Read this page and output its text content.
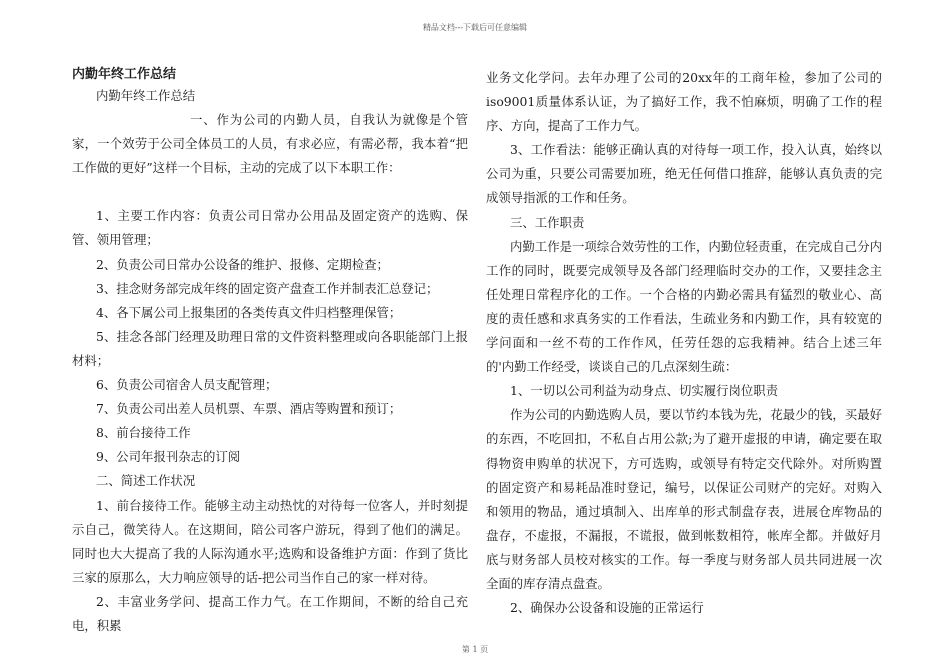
精品文档---下载后可任意编辑

内勤年终工作总结

内勤年终工作总结

一、作为公司的内勤人员，自我认为就像是个管家，一个效劳于公司全体员工的人员，有求必应，有需必帮，我本着“把工作做的更好”这样一个目标，主动的完成了以下本职工作：

1、主要工作内容：负责公司日常办公用品及固定资产的选购、保管、领用管理；

2、负责公司日常办公设备的维护、报修、定期检查；

3、挂念财务部完成年终的固定资产盘查工作并制表汇总登记；

4、各下属公司上报集团的各类传真文件归档整理保管；

5、挂念各部门经理及助理日常的文件资料整理或向各职能部门上报材料；

6、负责公司宿舍人员支配管理；

7、负责公司出差人员机票、车票、酒店等购置和预订；

8、前台接待工作

9、公司年报刊杂志的订阅

二、简述工作状况

1、前台接待工作。能够主动主动热忱的对待每一位客人，并时刻提示自己，微笑待人。在这期间，陪公司客户游玩，得到了他们的满足。同时也大大提高了我的人际沟通水平;选购和设备维护方面：作到了货比三家的原那么，大力响应领导的话-把公司当作自己的家一样对待。

2、丰富业务学问、提高工作力气。在工作期间，不断的给自己充电，积累

业务文化学问。去年办理了公司的20xx年的工商年检，参加了公司的iso9001质量体系认证，为了搞好工作，我不怕麻烦，明确了工作的程序、方向，提高了工作力气。

3、工作看法：能够正确认真的对待每一项工作，投入认真，始终以公司为重，只要公司需要加班，绝无任何借口推辞，能够认真负责的完成领导指派的工作和任务。

三、工作职责

内勤工作是一项综合效劳性的工作，内勤位轻责重，在完成自己分内工作的同时，既要完成领导及各部门经理临时交办的工作，又要挂念主任处理日常程序化的工作。一个合格的内勤必需具有猛烈的敬业心、高度的责任感和求真务实的工作看法，生疏业务和内勤工作，具有较宽的学问面和一丝不苟的工作作风，任劳任怨的忘我精神。结合上述三年的'内勤工作经受，谈谈自己的几点深刻生疏：

1、一切以公司利益为动身点、切实履行岗位职责

作为公司的内勤选购人员，要以节约本钱为先，花最少的钱，买最好的东西，不吃回扣，不私自占用公款;为了避开虚报的申请，确定要在取得物资申购单的状况下，方可选购，或领导有特定交代除外。对所购置的固定资产和易耗品准时登记，编号，以保证公司财产的完好。对购入和领用的物品，通过填制入、出库单的形式制盘存表，进展仓库物品的盘存，不虚报，不漏报，不谎报，做到帐数相符，帐库全都。并做好月底与财务部人员校对核实的工作。每一季度与财务部人员共同进展一次全面的库存清点盘查。

2、确保办公设备和设施的正常运行

第 1 页
